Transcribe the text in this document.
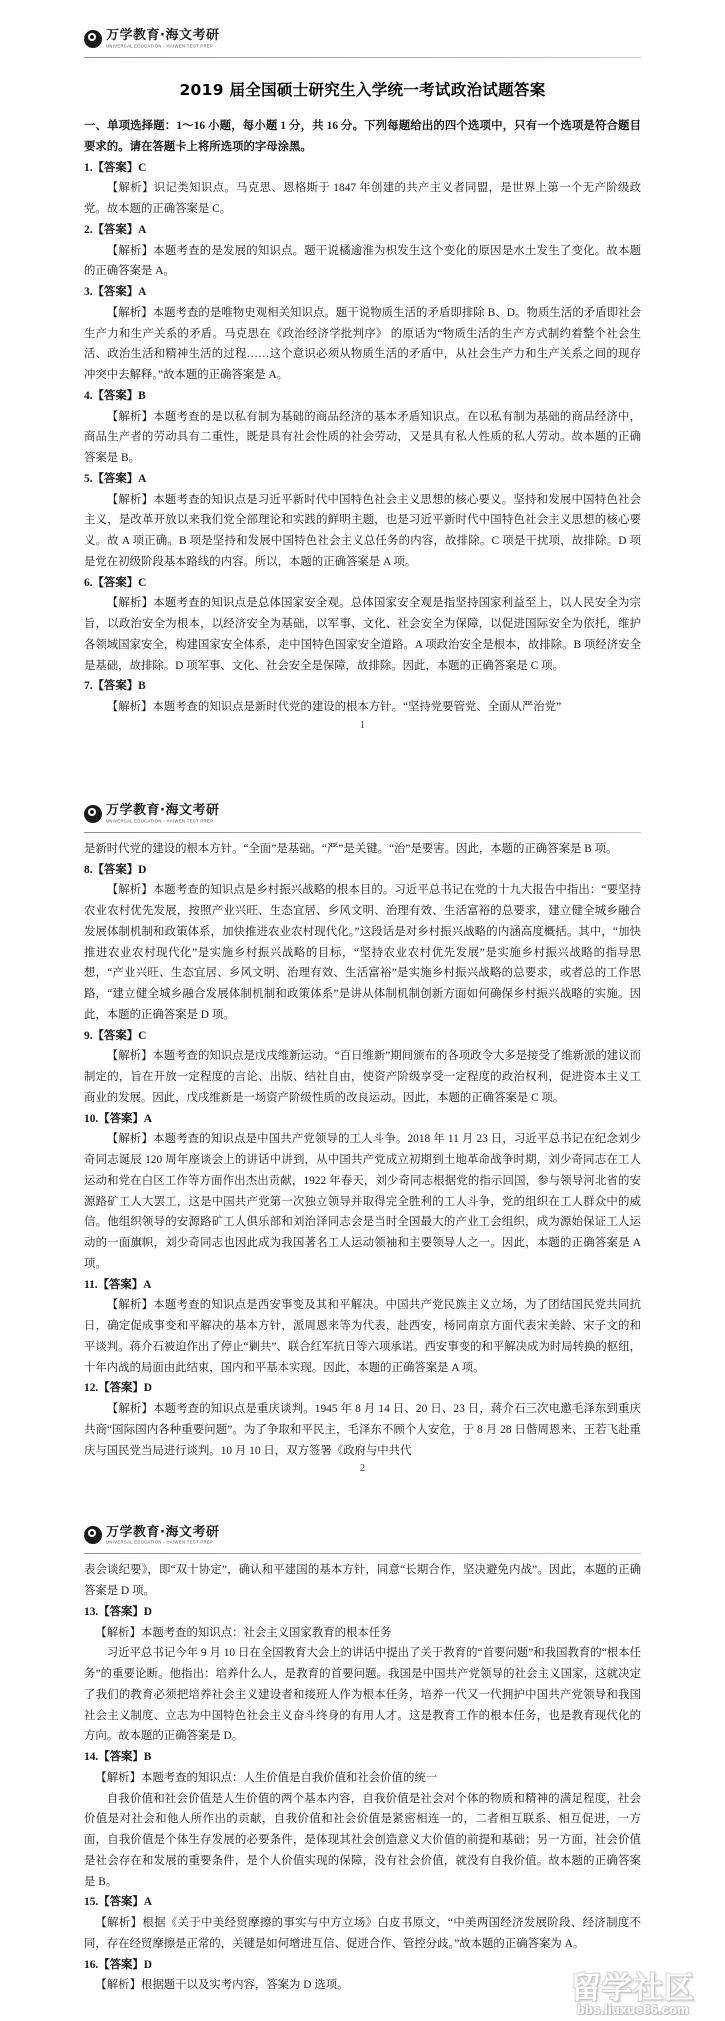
万学教育·海文考研
UNIVERSAL EDUCATION - HAIWEN TEST PREP
2019 届全国硕士研究生入学统一考试政治试题答案

一、单项选择题：1～16 小题，每小题 1 分，共 16 分。下列每题给出的四个选项中，只有一个选项是符合题目要求的。请在答题卡上将所选项的字母涂黑。

1.【答案】C

【解析】识记类知识点。马克思、恩格斯于 1847 年创建的共产主义者同盟，是世界上第一个无产阶级政党。故本题的正确答案是 C。

2.【答案】A

【解析】本题考查的是发展的知识点。题干说橘逾淮为枳发生这个变化的原因是水土发生了变化。故本题的正确答案是 A。

3.【答案】A

【解析】本题考查的是唯物史观相关知识点。题干说物质生活的矛盾即排除 B、D。物质生活的矛盾即社会生产力和生产关系的矛盾。马克思在《政治经济学批判序》 的原话为“物质生活的生产方式制约着整个社会生活、政治生活和精神生活的过程……这个意识必须从物质生活的矛盾中，从社会生产力和生产关系之间的现存冲突中去解释。”故本题的正确答案是 A。

4.【答案】B

【解析】本题考查的是以私有制为基础的商品经济的基本矛盾知识点。在以私有制为基础的商品经济中，商品生产者的劳动具有二重性，既是具有社会性质的社会劳动，又是具有私人性质的私人劳动。故本题的正确答案是 B。

5.【答案】A

【解析】本题考查的知识点是习近平新时代中国特色社会主义思想的核心要义。坚持和发展中国特色社会主义，是改革开放以来我们党全部理论和实践的鲜明主题，也是习近平新时代中国特色社会主义思想的核心要义。故 A 项正确。B 项是坚持和发展中国特色社会主义总任务的内容，故排除。C 项是干扰项，故排除。D 项是党在初级阶段基本路线的内容。所以，本题的正确答案是 A 项。

6.【答案】C

【解析】本题考查的知识点是总体国家安全观。总体国家安全观是指坚持国家利益至上，以人民安全为宗旨，以政治安全为根本，以经济安全为基础，以军事、文化、社会安全为保障，以促进国际安全为依托，维护各领域国家安全，构建国家安全体系，走中国特色国家安全道路。A 项政治安全是根本，故排除。B 项经济安全是基础，故排除。D 项军事、文化、社会安全是保障，故排除。因此，本题的正确答案是 C 项。

7.【答案】B

【解析】本题考查的知识点是新时代党的建设的根本方针。“坚持党要管党、全面从严治党”

1
万学教育·海文考研
UNIVERSAL EDUCATION - HAIWEN TEST PREP

是新时代党的建设的根本方针。“全面”是基础。“严”是关键。“治”是要害。因此，本题的正确答案是 B 项。

8.【答案】D

【解析】本题考查的知识点是乡村振兴战略的根本目的。习近平总书记在党的十九大报告中指出：“要坚持农业农村优先发展，按照产业兴旺、生态宜居、乡风文明、治理有效、生活富裕的总要求，建立健全城乡融合发展体制机制和政策体系，加快推进农业农村现代化。”这段话是对乡村振兴战略的内涵高度概括。其中，“加快推进农业农村现代化”是实施乡村振兴战略的目标，“坚持农业农村优先发展”是实施乡村振兴战略的指导思想，“产业兴旺、生态宜居、乡风文明、治理有效、生活富裕”是实施乡村振兴战略的总要求，或者总的工作思路，“建立健全城乡融合发展体制机制和政策体系”是讲从体制机制创新方面如何确保乡村振兴战略的实施。因此，本题的正确答案是 D 项。

9.【答案】C

【解析】本题考查的知识点是戊戌维新运动。“百日维新”期间颁布的各项政令大多是接受了维新派的建议而制定的，旨在开放一定程度的言论、出版、结社自由，使资产阶级享受一定程度的政治权利，促进资本主义工商业的发展。因此，戊戌维新是一场资产阶级性质的改良运动。因此，本题的正确答案是 C 项。

10.【答案】A

【解析】本题考查的知识点是中国共产党领导的工人斗争。2018 年 11 月 23 日，习近平总书记在纪念刘少奇同志诞辰 120 周年座谈会上的讲话中讲到，从中国共产党成立初期到土地革命战争时期，刘少奇同志在工人运动和党在白区工作等方面作出杰出贡献，1922 年春天，刘少奇同志根据党的指示回国，参与领导河北省的安源路矿工人大罢工，这是中国共产党第一次独立领导并取得完全胜利的工人斗争，党的组织在工人群众中的威信。他组织领导的安源路矿工人俱乐部和刘治泽同志会是当时全国最大的产业工会组织，成为源始保证工人运动的一面旗帜，刘少奇同志也因此成为我国著名工人运动领袖和主要领导人之一。因此，本题的正确答案是 A 项。

11.【答案】A

【解析】本题考查的知识点是西安事变及其和平解决。中国共产党民族主义立场，为了团结国民党共同抗日，确定促成事变和平解决的基本方针，派周恩来等为代表，赴西安，杨同南京方面代表宋美龄、宋子文的和平谈判。蒋介石被迫作出了停止“剿共”、联合红军抗日等六项承诺。西安事变的和平解决成为时局转换的枢纽，十年内战的局面由此结束，国内和平基本实现。因此，本题的正确答案是 A 项。

12.【答案】D

【解析】本题考查的知识点是重庆谈判。1945 年 8 月 14 日、20 日、23 日，蒋介石三次电邀毛泽东到重庆共商“国际国内各种重要问题”。为了争取和平民主，毛泽东不顾个人安危，于 8 月 28 日偕周恩来、王若飞赴重庆与国民党当局进行谈判。10 月 10 日，双方签署《政府与中共代

2
万学教育·海文考研
UNIVERSAL EDUCATION - HAIWEN TEST PREP

表会谈纪要》，即“双十协定”，确认和平建国的基本方针，同意“长期合作，坚决避免内战”。因此，本题的正确答案是 D 项。

13.【答案】D

【解析】本题考查的知识点：社会主义国家教育的根本任务

习近平总书记今年 9 月 10 日在全国教育大会上的讲话中提出了关于教育的“首要问题”和我国教育的“根本任务”的重要论断。他指出：培养什么人，是教育的首要问题。我国是中国共产党领导的社会主义国家，这就决定了我们的教育必须把培养社会主义建设者和接班人作为根本任务，培养一代又一代拥护中国共产党领导和我国社会主义制度、立志为中国特色社会主义奋斗终身的有用人才。这是教育工作的根本任务，也是教育现代化的方向。故本题的正确答案是 D。

14.【答案】B

【解析】本题考查的知识点：人生价值是自我价值和社会价值的统一

自我价值和社会价值是人生价值的两个基本内容，自我价值是社会对个体的物质和精神的满足程度，社会价值是对社会和他人所作出的贡献，自我价值和社会价值是紧密相连一的，二者相互联系、相互促进，一方面，自我价值是个体生存发展的必要条件，是体现其社会创造意义大价值的前提和基础；另一方面，社会价值是社会存在和发展的重要条件，是个人价值实现的保障，没有社会价值，就没有自我价值。故本题的正确答案是 B。

15.【答案】A

【解析】根据《关于中美经贸摩擦的事实与中方立场》白皮书原文，“中美两国经济发展阶段、经济制度不同，存在经贸摩擦是正常的，关键是如何增进互信、促进合作、管控分歧。”故本题的正确答案为 A。

16.【答案】D

【解析】根据题干以及实考内容，答案为 D 选项。	留学社区
bbs.liuxue86.com
